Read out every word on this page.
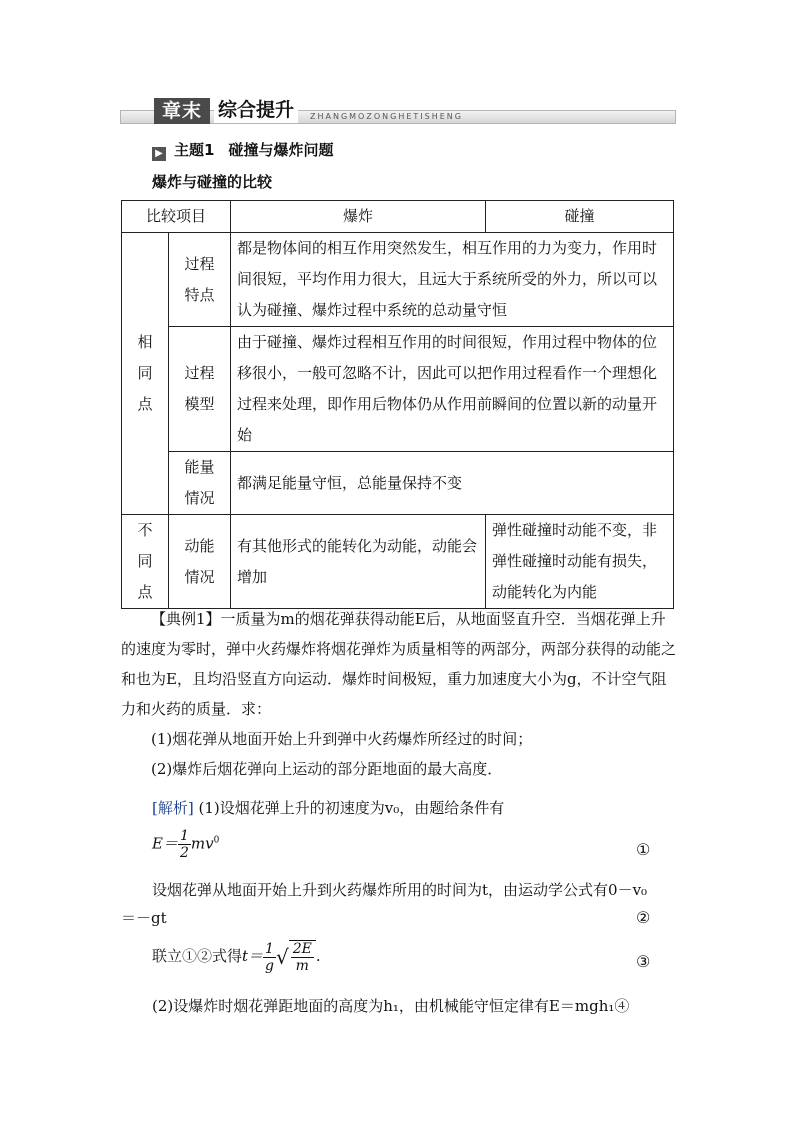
章末 综合提升	ZHANGMOZONGHETISHENG
▶ 主题1 碰撞与爆炸问题
爆炸与碰撞的比较
比较项目		爆炸	碰撞

相同点	过程特点	都是物体间的相互作用突然发生，相互作用的力为变力，作用时间很短，平均作用力很大，且远大于系统所受的外力，所以可以认为碰撞、爆炸过程中系统的总动量守恒	

	过程模型	由于碰撞、爆炸过程相互作用的时间很短，作用过程中物体的位移很小，一般可忽略不计，因此可以把作用过程看作一个理想化过程来处理，即作用后物体仍从作用前瞬间的位置以新的动量开始	

	能量情况	都满足能量守恒，总能量保持不变	

不同点	动能情况	有其他形式的能转化为动能，动能会增加	弹性碰撞时动能不变，非弹性碰撞时动能有损失，动能转化为内能
【典例1】一质量为m的烟花弹获得动能E后，从地面竖直升空．当烟花弹上升的速度为零时，弹中火药爆炸将烟花弹炸为质量相等的两部分，两部分获得的动能之和也为E，且均沿竖直方向运动．爆炸时间极短，重力加速度大小为g，不计空气阻力和火药的质量．求：
(1)烟花弹从地面开始上升到弹中火药爆炸所经过的时间；
(2)爆炸后烟花弹向上运动的部分距地面的最大高度．
[解析] (1)设烟花弹上升的初速度为v₀，由题给条件有
$E= \frac{1}{2} mv^0$	①
设烟花弹从地面开始上升到火药爆炸所用的时间为t，由运动学公式有0－v₀
＝－gt	②
联立①②式得$t= \frac{1}{g}$ √ $\frac{2E}{m}$ .	③
(2)设爆炸时烟花弹距地面的高度为h₁，由机械能守恒定律有E＝mgh₁④
